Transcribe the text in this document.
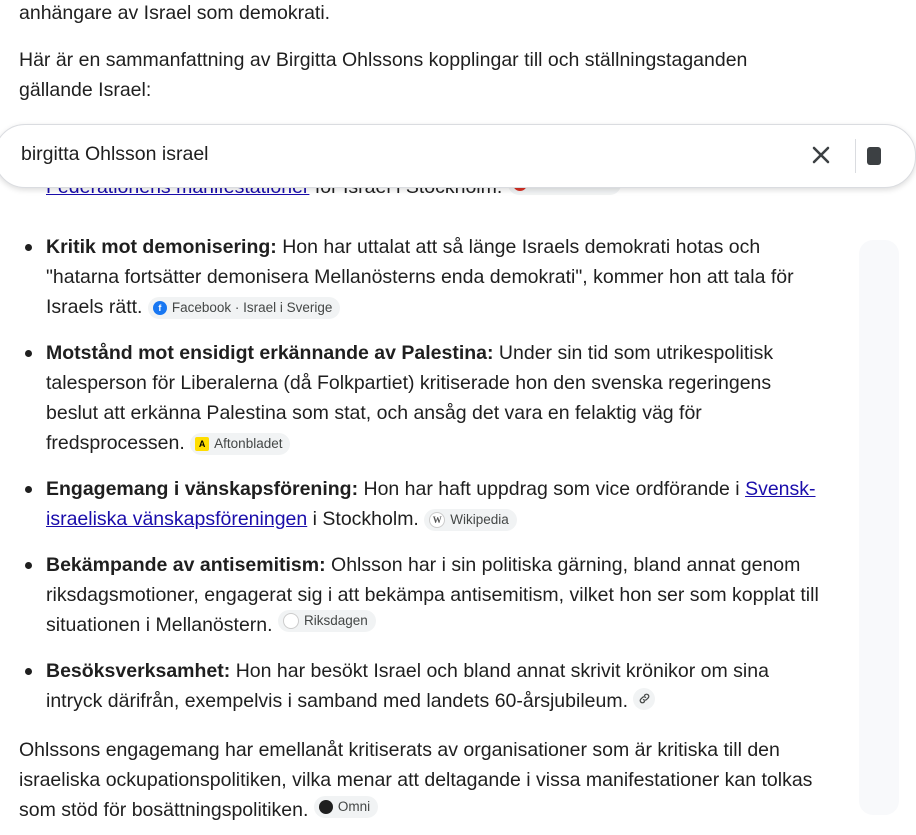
anhängare av Israel som demokrati.

Här är en sammanfattning av Birgitta Ohlssons kopplingar till och ställningstaganden gällande Israel:

birgitta Ohlsson israel
Kritik mot demonisering: Hon har uttalat att så länge Israels demokrati hotas och "hatarna fortsätter demonisera Mellanösterns enda demokrati", kommer hon att tala för Israels rätt.	f Facebook · Israel i Sverige
Motstånd mot ensidigt erkännande av Palestina: Under sin tid som utrikespolitisk talesperson för Liberalerna (då Folkpartiet) kritiserade hon den svenska regeringens beslut att erkänna Palestina som stat, och ansåg det vara en felaktig väg för fredsprocessen.	A Aftonbladet
Engagemang i vänskapsförening: Hon har haft uppdrag som vice ordförande i Svensk-israeliska vänskapsföreningen i Stockholm.	W Wikipedia
Bekämpande av antisemitism: Ohlsson har i sin politiska gärning, bland annat genom riksdagsmotioner, engagerat sig i att bekämpa antisemitism, vilket hon ser som kopplat till situationen i Mellanöstern. Riksdagen
Besöksverksamhet: Hon har besökt Israel och bland annat skrivit krönikor om sina intryck därifrån, exempelvis i samband med landets 60-årsjubileum.

Ohlssons engagemang har emellanåt kritiserats av organisationer som är kritiska till den israeliska ockupationspolitiken, vilka menar att deltagande i vissa manifestationer kan tolkas som stöd för bosättningspolitiken. Omni
